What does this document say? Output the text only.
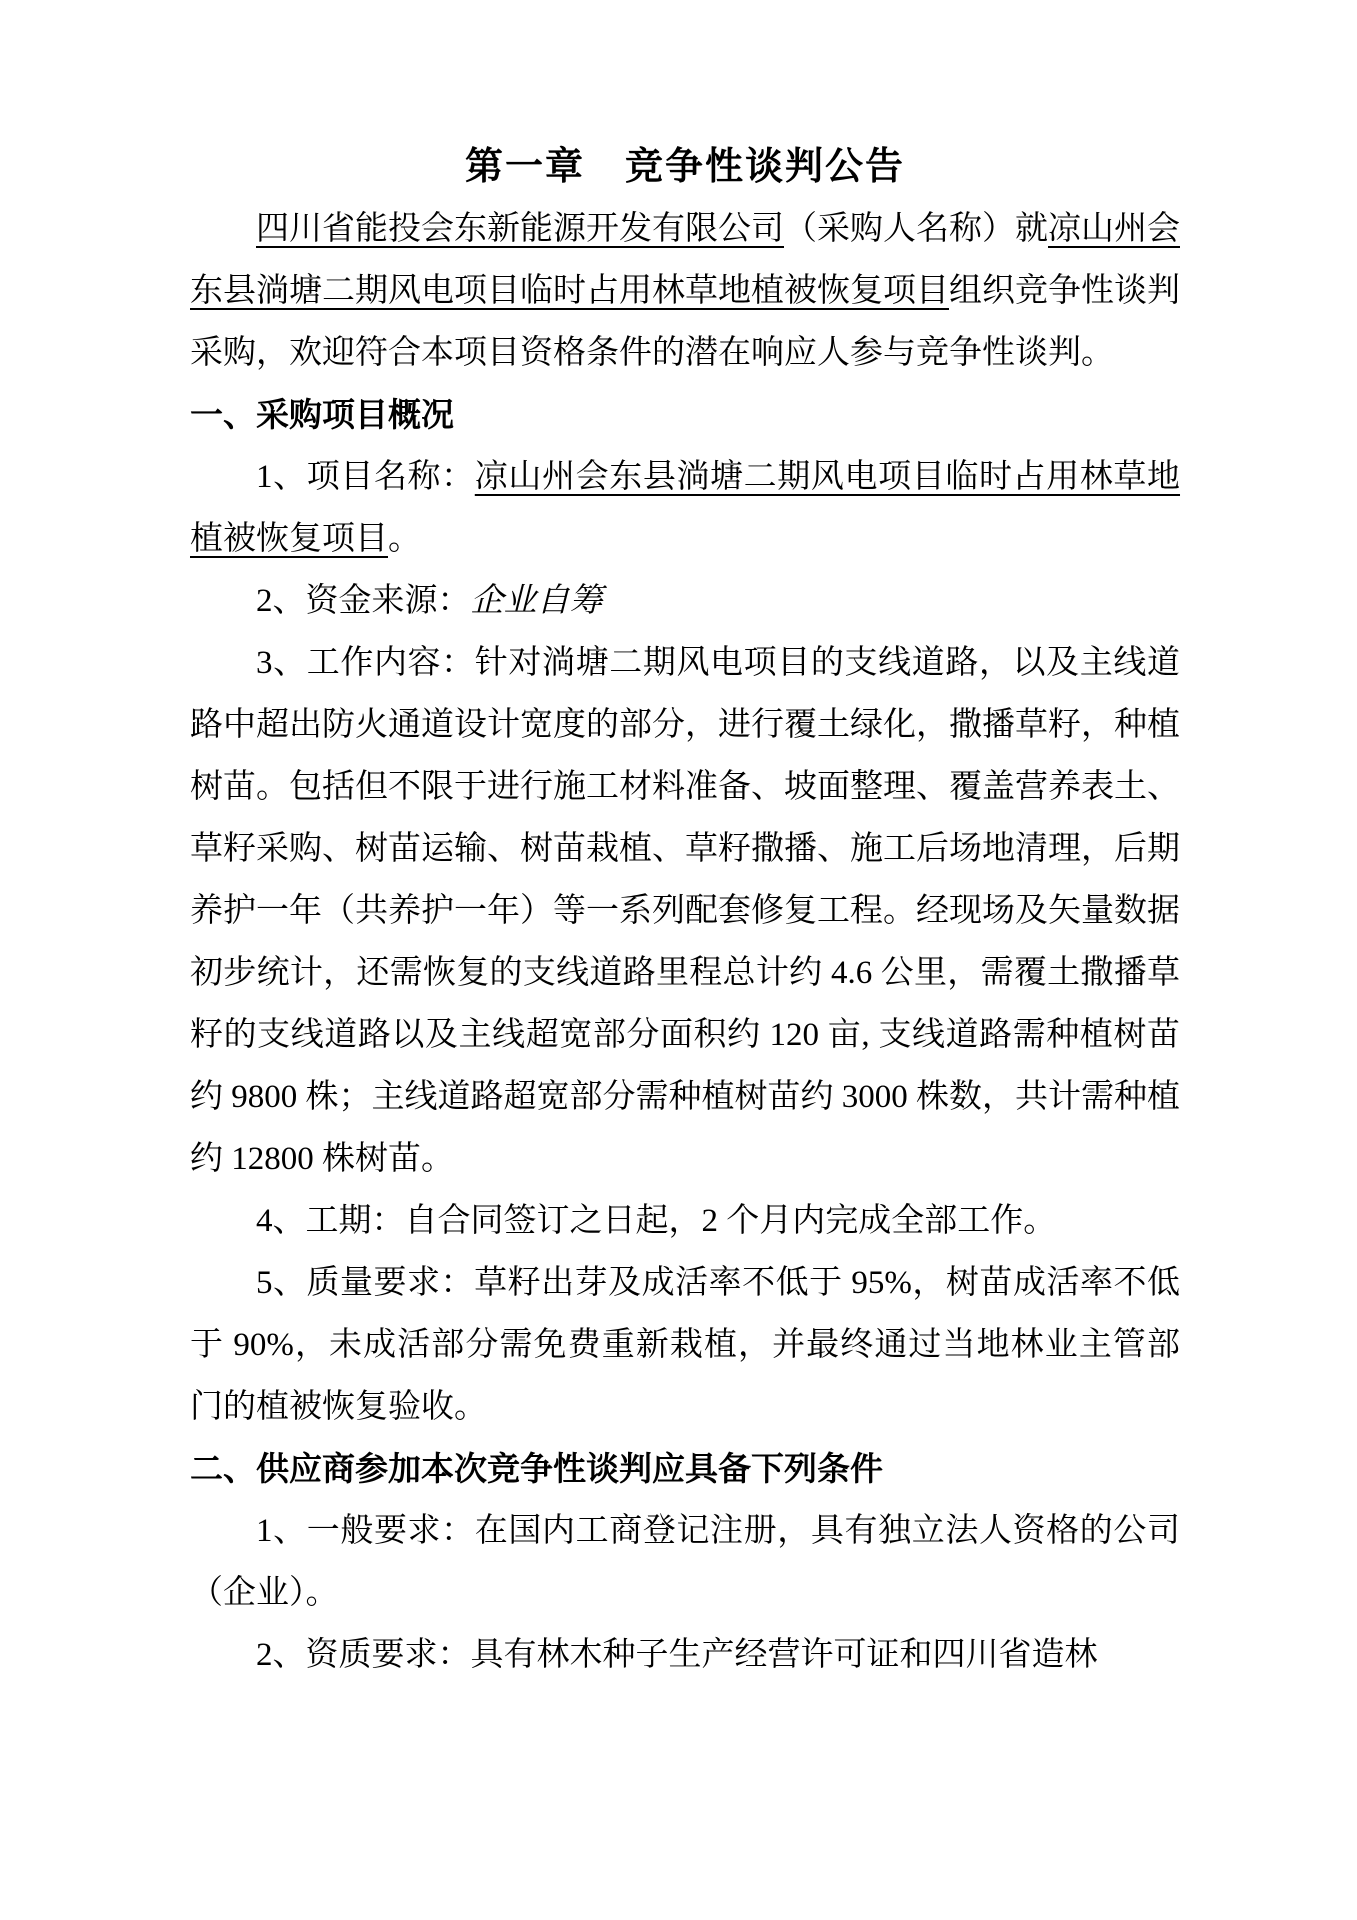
第一章　竞争性谈判公告
四川省能投会东新能源开发有限公司（采购人名称）就凉山州会东县淌塘二期风电项目临时占用林草地植被恢复项目组织竞争性谈判采购，欢迎符合本项目资格条件的潜在响应人参与竞争性谈判。
一、采购项目概况
1、项目名称：凉山州会东县淌塘二期风电项目临时占用林草地植被恢复项目。
2、资金来源：企业自筹
3、工作内容：针对淌塘二期风电项目的支线道路，以及主线道路中超出防火通道设计宽度的部分，进行覆土绿化，撒播草籽，种植树苗。包括但不限于进行施工材料准备、坡面整理、覆盖营养表土、草籽采购、树苗运输、树苗栽植、草籽撒播、施工后场地清理，后期养护一年（共养护一年）等一系列配套修复工程。经现场及矢量数据初步统计，还需恢复的支线道路里程总计约 4.6 公里，需覆土撒播草籽的支线道路以及主线超宽部分面积约 120 亩, 支线道路需种植树苗约 9800 株；主线道路超宽部分需种植树苗约 3000 株数，共计需种植约 12800 株树苗。
4、工期：自合同签订之日起，2 个月内完成全部工作。
5、质量要求：草籽出芽及成活率不低于 95%，树苗成活率不低于 90%，未成活部分需免费重新栽植，并最终通过当地林业主管部门的植被恢复验收。
二、供应商参加本次竞争性谈判应具备下列条件
1、一般要求：在国内工商登记注册，具有独立法人资格的公司（企业）。
2、资质要求：具有林木种子生产经营许可证和四川省造林
